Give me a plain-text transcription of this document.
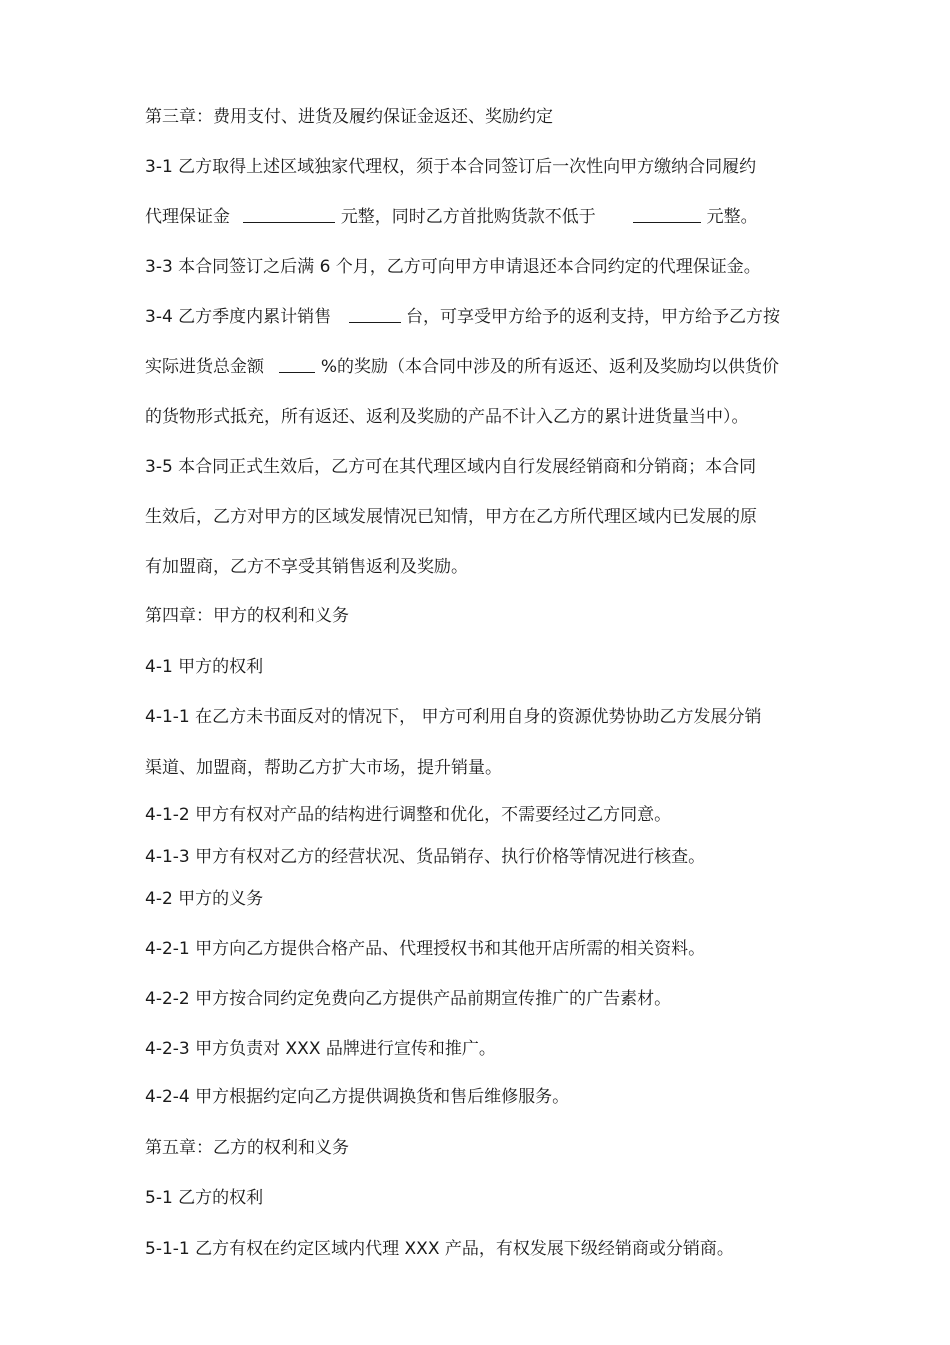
第三章：费用支付、进货及履约保证金返还、奖励约定
3-1 乙方取得上述区域独家代理权，须于本合同签订后一次性向甲方缴纳合同履约
代理保证金	元整，同时乙方首批购货款不低于	元整。
3-3 本合同签订之后满 6 个月，乙方可向甲方申请退还本合同约定的代理保证金。
3-4 乙方季度内累计销售	台，可享受甲方给予的返利支持，甲方给予乙方按
实际进货总金额	%的奖励（本合同中涉及的所有返还、返利及奖励均以供货价
的货物形式抵充，所有返还、返利及奖励的产品不计入乙方的累计进货量当中）。
3-5 本合同正式生效后，乙方可在其代理区域内自行发展经销商和分销商；本合同
生效后，乙方对甲方的区域发展情况已知情，甲方在乙方所代理区域内已发展的原
有加盟商，乙方不享受其销售返利及奖励。
第四章：甲方的权利和义务
4-1 甲方的权利
4-1-1 在乙方未书面反对的情况下， 甲方可利用自身的资源优势协助乙方发展分销
渠道、加盟商，帮助乙方扩大市场，提升销量。
4-1-2 甲方有权对产品的结构进行调整和优化，不需要经过乙方同意。
4-1-3 甲方有权对乙方的经营状况、货品销存、执行价格等情况进行核查。
4-2 甲方的义务
4-2-1 甲方向乙方提供合格产品、代理授权书和其他开店所需的相关资料。
4-2-2 甲方按合同约定免费向乙方提供产品前期宣传推广的广告素材。
4-2-3 甲方负责对 XXX 品牌进行宣传和推广。
4-2-4 甲方根据约定向乙方提供调换货和售后维修服务。
第五章：乙方的权利和义务
5-1 乙方的权利
5-1-1 乙方有权在约定区域内代理 XXX 产品，有权发展下级经销商或分销商。
